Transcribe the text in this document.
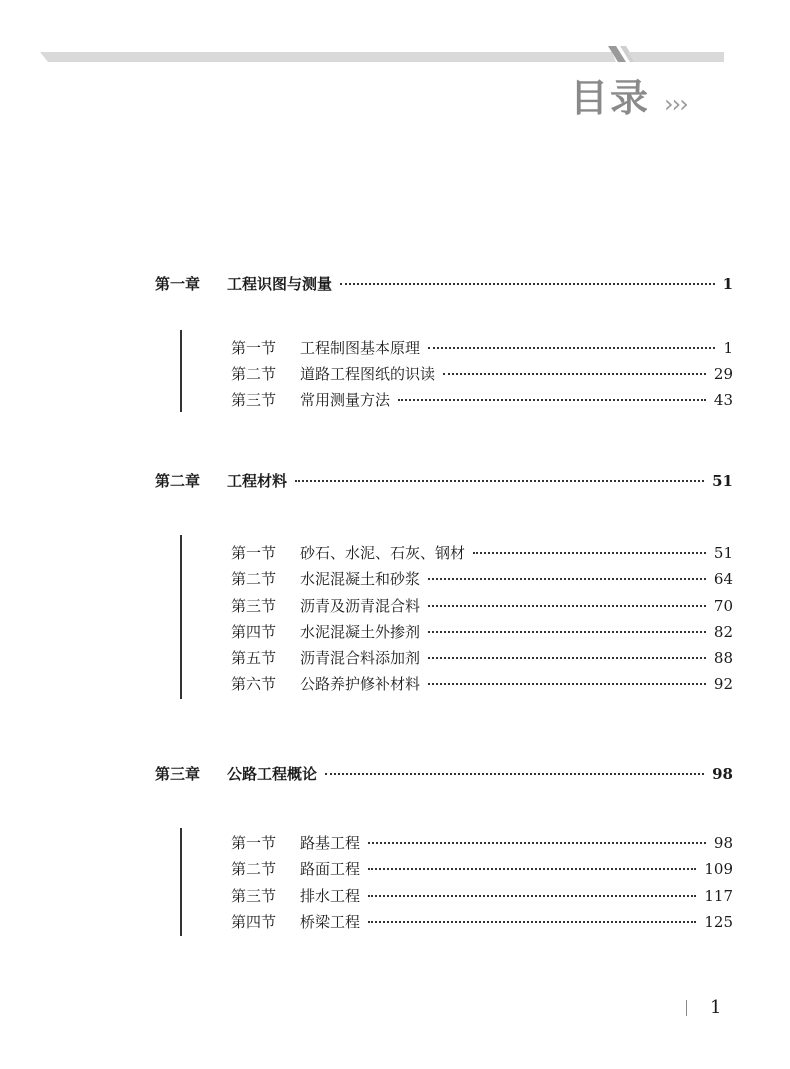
目录 ›››
第一章	工程识图与测量	1
第一节	工程制图基本原理	1
第二节	道路工程图纸的识读	29
第三节	常用测量方法	43
第二章	工程材料	51
第一节	砂石、水泥、石灰、钢材	51
第二节	水泥混凝土和砂浆	64
第三节	沥青及沥青混合料	70
第四节	水泥混凝土外掺剂	82
第五节	沥青混合料添加剂	88
第六节	公路养护修补材料	92
第三章	公路工程概论	98
第一节	路基工程	98
第二节	路面工程	109
第三节	排水工程	117
第四节	桥梁工程	125
1
